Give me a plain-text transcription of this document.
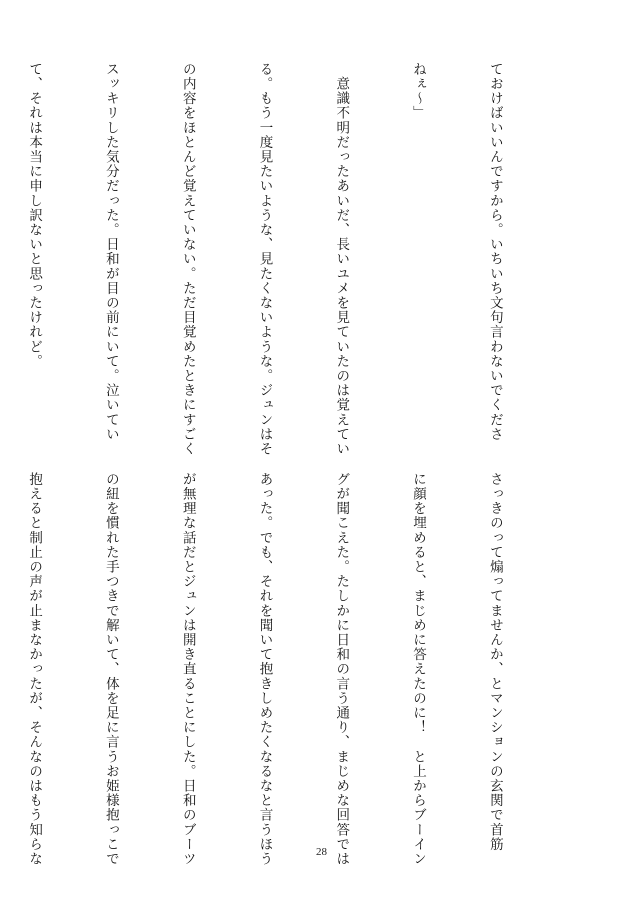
ておけばいいんですから。いちいち文句言わないでくださ

ねぇ～」

　意識不明だったあいだ、長いユメを見ていたのは覚えてい

る。もう一度見たいような、見たくないような。ジュンはそ

の内容をほとんど覚えていない。ただ目覚めたときにすごく

スッキリした気分だった。日和が目の前にいて。泣いてい

て、それは本当に申し訳ないと思ったけれど。

さっきのって煽ってませんか、とマンションの玄関で首筋

に顔を埋めると、まじめに答えたのに！　と上からブーイン

グが聞こえた。たしかに日和の言う通り、まじめな回答では

あった。でも、それを聞いて抱きしめたくなるなと言うほう

が無理な話だとジュンは開き直ることにした。日和のブーツ

の紐を慣れた手つきで解いて、体を足に言うお姫様抱っこで

抱えると制止の声が止まなかったが、そんなのはもう知らな

	28
